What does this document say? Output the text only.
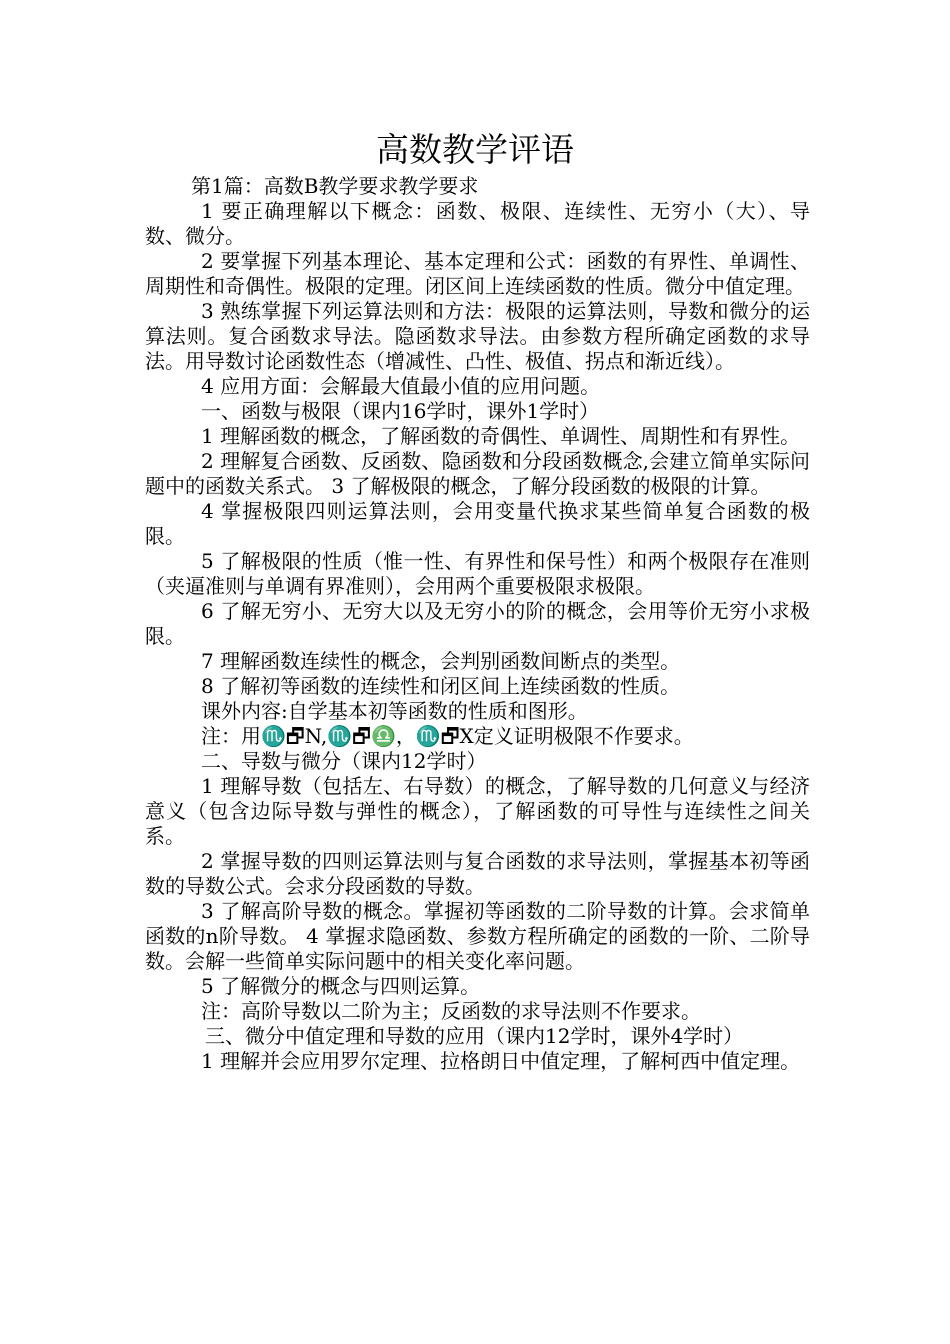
高数教学评语

第1篇：高数B教学要求教学要求

1 要正确理解以下概念：函数、极限、连续性、无穷小（大）、导数、微分。

2 要掌握下列基本理论、基本定理和公式：函数的有界性、单调性、周期性和奇偶性。极限的定理。闭区间上连续函数的性质。微分中值定理。

3 熟练掌握下列运算法则和方法：极限的运算法则，导数和微分的运算法则。复合函数求导法。隐函数求导法。由参数方程所确定函数的求导法。用导数讨论函数性态（增减性、凸性、极值、拐点和渐近线）。

4 应用方面：会解最大值最小值的应用问题。

一、函数与极限（课内16学时，课外1学时）

1 理解函数的概念，了解函数的奇偶性、单调性、周期性和有界性。

2 理解复合函数、反函数、隐函数和分段函数概念,会建立简单实际问题中的函数关系式。 3 了解极限的概念，了解分段函数的极限的计算。

4 掌握极限四则运算法则，会用变量代换求某些简单复合函数的极限。

5 了解极限的性质（惟一性、有界性和保号性）和两个极限存在准则（夹逼准则与单调有界准则），会用两个重要极限求极限。

6 了解无穷小、无穷大以及无穷小的阶的概念，会用等价无穷小求极限。

7 理解函数连续性的概念，会判别函数间断点的类型。

8 了解初等函数的连续性和闭区间上连续函数的性质。

课外内容:自学基本初等函数的性质和图形。

注：用♏🗗N,♏🗗♎，♏🗗X定义证明极限不作要求。

二、导数与微分（课内12学时）

1 理解导数（包括左、右导数）的概念，了解导数的几何意义与经济意义（包含边际导数与弹性的概念），了解函数的可导性与连续性之间关系。

2 掌握导数的四则运算法则与复合函数的求导法则，掌握基本初等函数的导数公式。会求分段函数的导数。

3 了解高阶导数的概念。掌握初等函数的二阶导数的计算。会求简单函数的n阶导数。 4 掌握求隐函数、参数方程所确定的函数的一阶、二阶导数。会解一些简单实际问题中的相关变化率问题。

5 了解微分的概念与四则运算。

注：高阶导数以二阶为主；反函数的求导法则不作要求。

三、微分中值定理和导数的应用（课内12学时，课外4学时）

1 理解并会应用罗尔定理、拉格朗日中值定理，了解柯西中值定理。
